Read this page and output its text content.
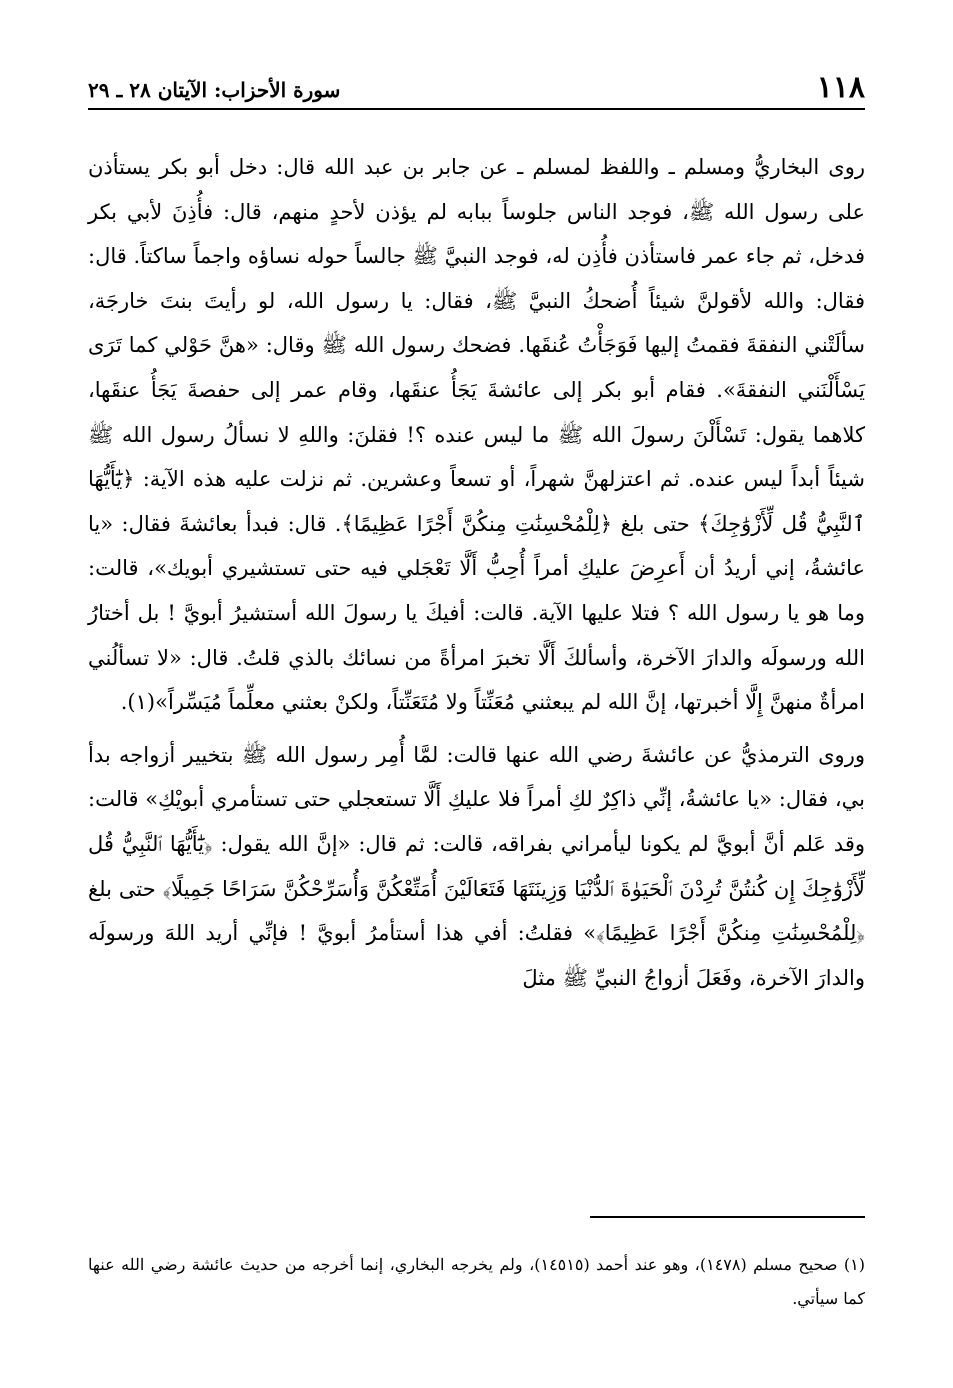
١١٨
سورة الأحزاب: الآيتان ٢٨ ـ ٢٩

روى البخاريُّ ومسلم ـ واللفظ لمسلم ـ عن جابر بن عبد الله قال: دخل أبو بكر يستأذن على رسول الله ﷺ، فوجد الناس جلوساً ببابه لم يؤذن لأحدٍ منهم، قال: فأُذِنَ لأبي بكر فدخل، ثم جاء عمر فاستأذن فأُذِن له، فوجد النبيَّ ﷺ جالساً حوله نساؤه واجماً ساكتاً. قال: فقال: والله لأقولنَّ شيئاً أُضحكُ النبيَّ ﷺ، فقال: يا رسول الله، لو رأيتَ بنتَ خارجَة، سألَتْني النفقةَ فقمتُ إليها فَوَجَأْتُ عُنقَها. فضحك رسول الله ﷺ وقال: «هنَّ حَوْلي كما تَرَى يَسْأَلْنَني النفقةَ». فقام أبو بكر إلى عائشةَ يَجَأُ عنقَها، وقام عمر إلى حفصةَ يَجَأُ عنقَها، كلاهما يقول: تَسْأَلْنَ رسولَ الله ﷺ ما ليس عنده ؟! فقلنَ: واللهِ لا نسألُ رسول الله ﷺ شيئاً أبداً ليس عنده. ثم اعتزلهنَّ شهراً، أو تسعاً وعشرين. ثم نزلت عليه هذه الآية: ﴿يَٰٓأَيُّهَا ٱلنَّبِيُّ قُل لِّأَزْوَٰجِكَ﴾ حتى بلغ ﴿لِلْمُحْسِنَٰتِ مِنكُنَّ أَجْرًا عَظِيمًا﴾. قال: فبدأ بعائشةَ فقال: «يا عائشةُ، إني أريدُ أن أَعرِضَ عليكِ أمراً أُحِبُّ أَلَّا تَعْجَلي فيه حتى تستشيري أبويك»، قالت: وما هو يا رسول الله ؟ فتلا عليها الآية. قالت: أفيكَ يا رسولَ الله أستشيرُ أبويَّ ! بل أختارُ الله ورسولَه والدارَ الآخرة، وأسألكَ أَلَّا تخبرَ امرأةً من نسائك بالذي قلتُ. قال: «لا تسألُني امرأةٌ منهنَّ إِلَّا أخبرتها، إنَّ الله لم يبعثني مُعَنِّتاً ولا مُتَعَنِّتاً، ولكنْ بعثني معلِّماً مُيَسِّراً»(١).

وروى الترمذيُّ عن عائشةَ رضي الله عنها قالت: لمَّا أُمِر رسول الله ﷺ بتخيير أزواجه بدأ بي، فقال: «يا عائشةُ، إنِّي ذاكِرٌ لكِ أمراً فلا عليكِ أَلَّا تستعجلي حتى تستأمري أبويْكِ» قالت: وقد عَلم أنَّ أبويَّ لم يكونا ليأمراني بفراقه، قالت: ثم قال: «إنَّ الله يقول: ﴿يَٰٓأَيُّهَا ٱلنَّبِيُّ قُل لِّأَزْوَٰجِكَ إِن كُنتُنَّ تُرِدْنَ ٱلْحَيَوٰةَ ٱلدُّنْيَا وَزِينَتَهَا فَتَعَالَيْنَ أُمَتِّعْكُنَّ وَأُسَرِّحْكُنَّ سَرَاحًا جَمِيلًا﴾ حتى بلغ ﴿لِلْمُحْسِنَٰتِ مِنكُنَّ أَجْرًا عَظِيمًا﴾» فقلتُ: أفي هذا أستأمرُ أبويَّ ! فإنِّي أريد اللهَ ورسولَه والدارَ الآخرة، وفَعَلَ أزواجُ النبيِّ ﷺ مثلَ

(١) صحيح مسلم (١٤٧٨)، وهو عند أحمد (١٤٥١٥)، ولم يخرجه البخاري، إنما أخرجه من حديث عائشة رضي الله عنها كما سيأتي.
